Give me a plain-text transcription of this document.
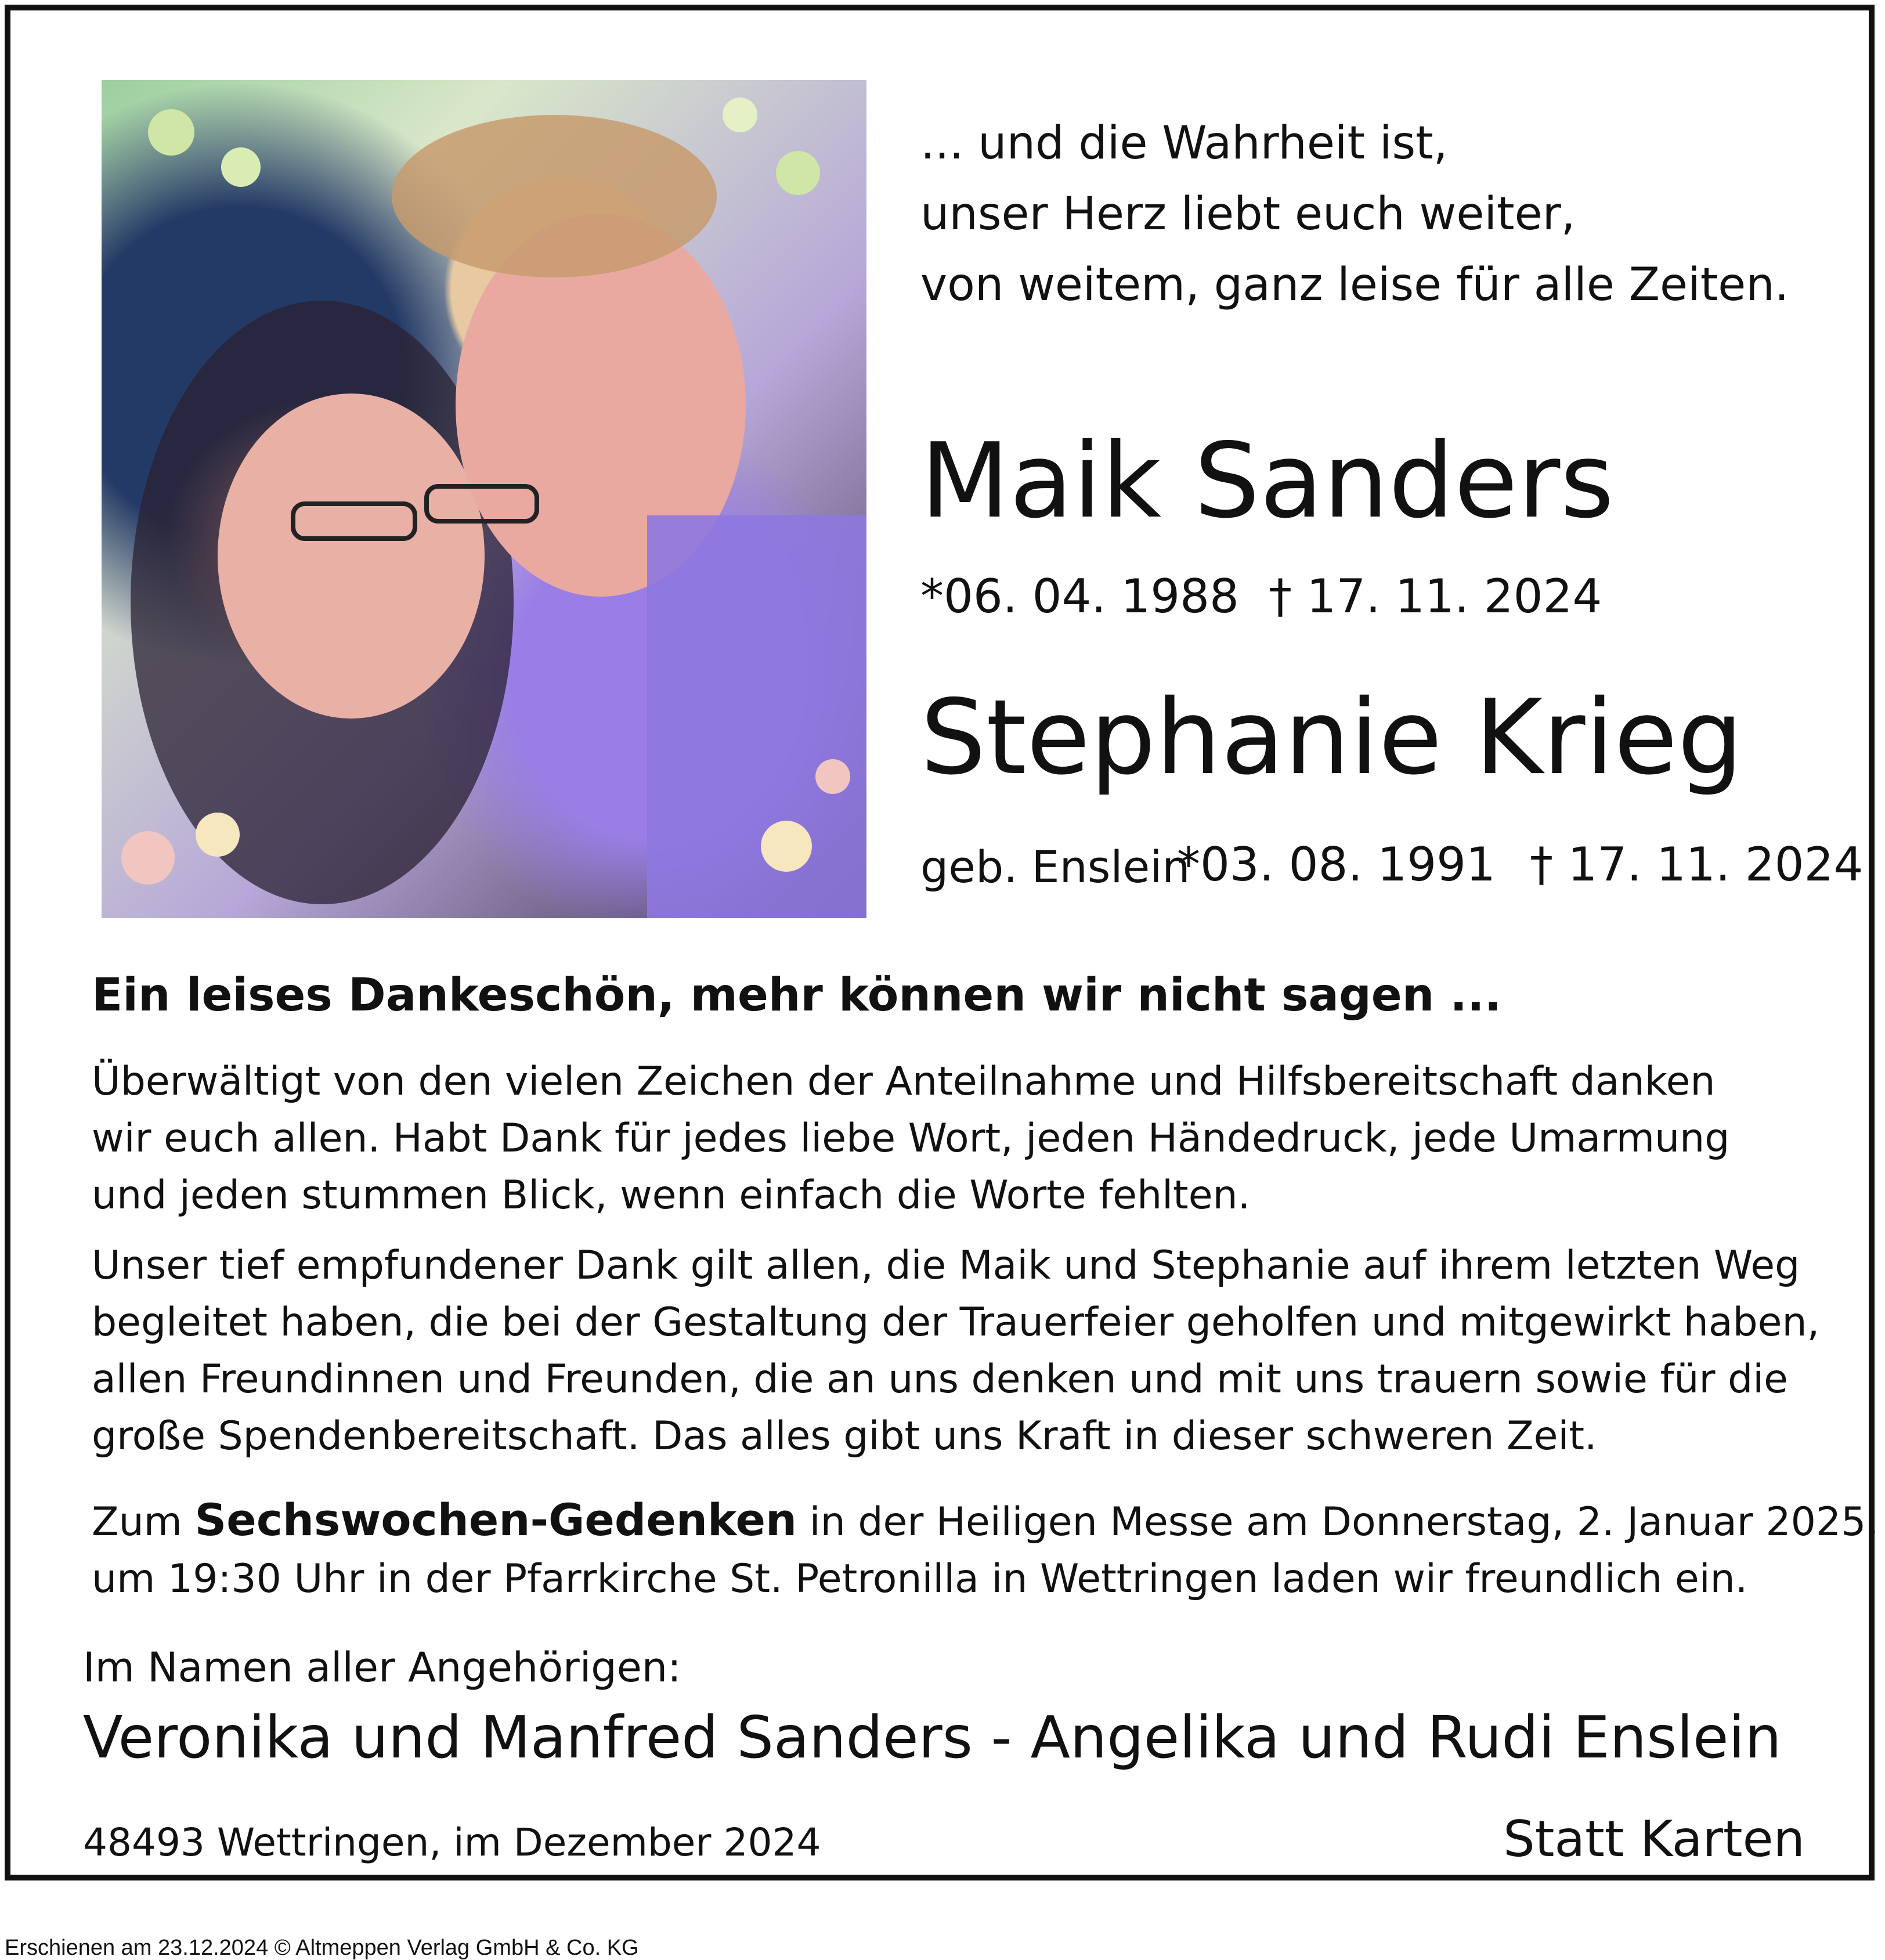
... und die Wahrheit ist,
unser Herz liebt euch weiter,
von weitem, ganz leise für alle Zeiten.
Maik Sanders
*06. 04. 1988 † 17. 11. 2024
Stephanie Krieg
geb. Enslein
*03. 08. 1991 † 17. 11. 2024
Ein leises Dankeschön, mehr können wir nicht sagen ...
Überwältigt von den vielen Zeichen der Anteilnahme und Hilfsbereitschaft danken
wir euch allen. Habt Dank für jedes liebe Wort, jeden Händedruck, jede Umarmung
und jeden stummen Blick, wenn einfach die Worte fehlten.
Unser tief empfundener Dank gilt allen, die Maik und Stephanie auf ihrem letzten Weg
begleitet haben, die bei der Gestaltung der Trauerfeier geholfen und mitgewirkt haben,
allen Freundinnen und Freunden, die an uns denken und mit uns trauern sowie für die
große Spendenbereitschaft. Das alles gibt uns Kraft in dieser schweren Zeit.
Zum Sechswochen-Gedenken in der Heiligen Messe am Donnerstag, 2. Januar 2025,
um 19:30 Uhr in der Pfarrkirche St. Petronilla in Wettringen laden wir freundlich ein.
Im Namen aller Angehörigen:
Veronika und Manfred Sanders - Angelika und Rudi Enslein
48493 Wettringen, im Dezember 2024	Statt Karten
Erschienen am 23.12.2024 © Altmeppen Verlag GmbH & Co. KG
